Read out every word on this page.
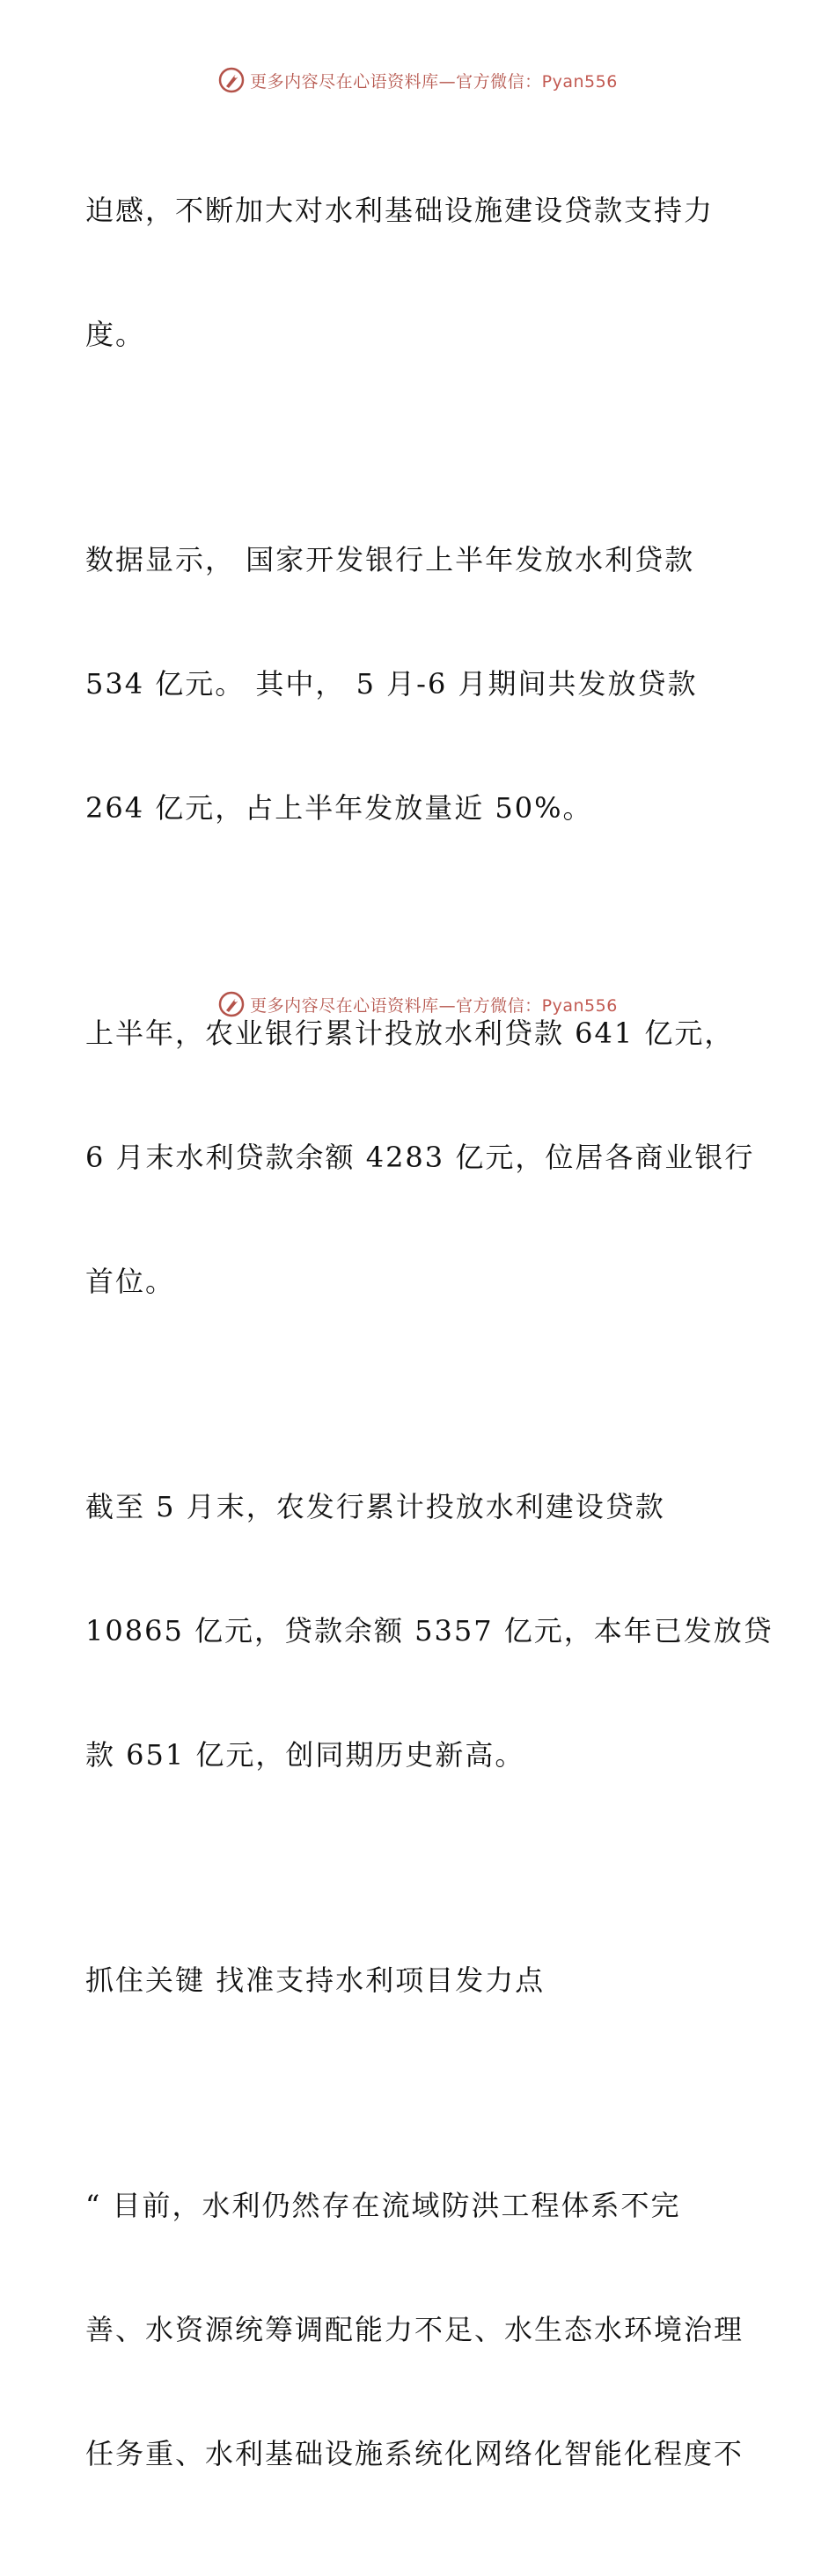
更多内容尽在心语资料库—官方微信：Pyan556

迫感，不断加大对水利基础设施建设贷款支持力

度。

数据显示， 国家开发银行上半年发放水利贷款

534 亿元。 其中， 5 月-6 月期间共发放贷款

264 亿元，占上半年发放量近 50%。

上半年，农业银行累计投放水利贷款 641 亿元，

6 月末水利贷款余额 4283 亿元，位居各商业银行

首位。

截至 5 月末，农发行累计投放水利建设贷款

10865 亿元，贷款余额 5357 亿元，本年已发放贷

款 651 亿元，创同期历史新高。

抓住关键 找准支持水利项目发力点

“ 目前，水利仍然存在流域防洪工程体系不完

善、水资源统筹调配能力不足、水生态水环境治理

任务重、水利基础设施系统化网络化智能化程度不

更多内容尽在心语资料库—官方微信：Pyan556
